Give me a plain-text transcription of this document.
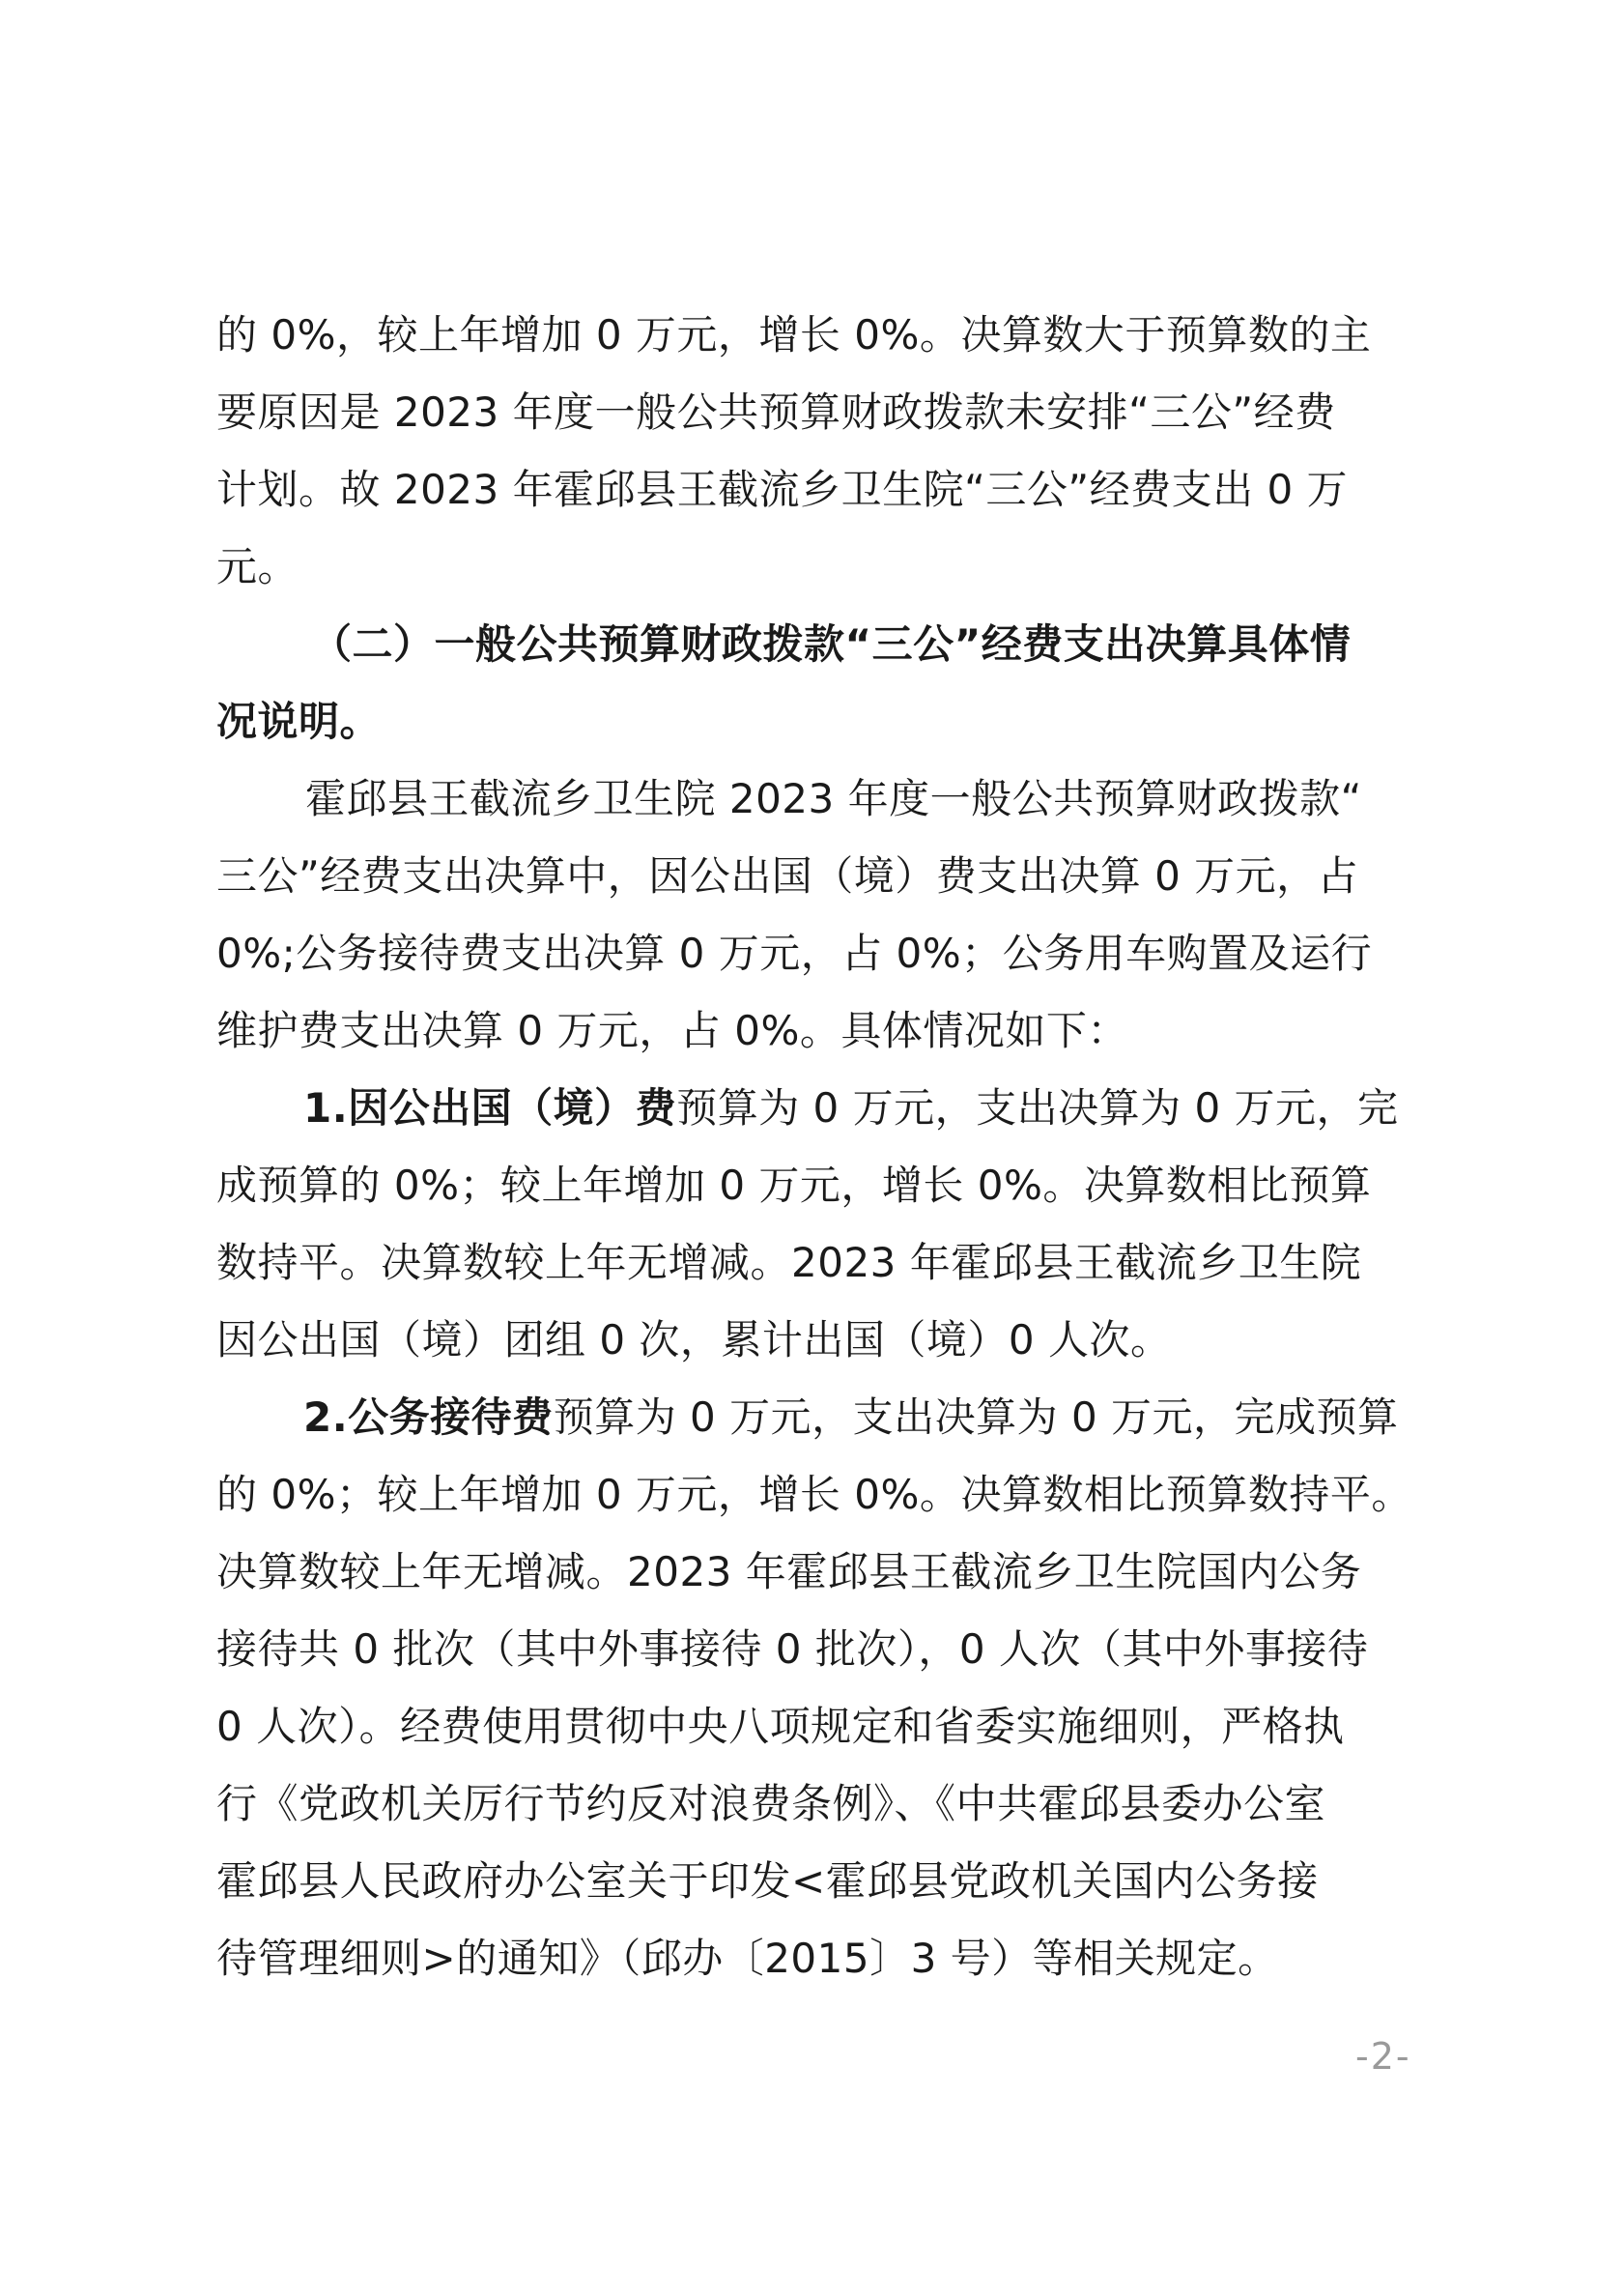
的 0%，较上年增加 0 万元，增长 0%。决算数大于预算数的主
要原因是 2023 年度一般公共预算财政拨款未安排“三公”经费
计划。故 2023 年霍邱县王截流乡卫生院“三公”经费支出 0 万
元。
（二）一般公共预算财政拨款“三公”经费支出决算具体情
况说明。
霍邱县王截流乡卫生院 2023 年度一般公共预算财政拨款“
三公”经费支出决算中，因公出国（境）费支出决算 0 万元，占
0%;公务接待费支出决算 0 万元，占 0%；公务用车购置及运行
维护费支出决算 0 万元，占 0%。具体情况如下：
1.因公出国（境）费预算为 0 万元，支出决算为 0 万元，完
成预算的 0%；较上年增加 0 万元，增长 0%。决算数相比预算
数持平。决算数较上年无增减。2023 年霍邱县王截流乡卫生院
因公出国（境）团组 0 次，累计出国（境）0 人次。
2.公务接待费预算为 0 万元，支出决算为 0 万元，完成预算
的 0%；较上年增加 0 万元，增长 0%。决算数相比预算数持平。
决算数较上年无增减。2023 年霍邱县王截流乡卫生院国内公务
接待共 0 批次（其中外事接待 0 批次），0 人次（其中外事接待
0 人次）。经费使用贯彻中央八项规定和省委实施细则，严格执
行《党政机关厉行节约反对浪费条例》、《中共霍邱县委办公室
霍邱县人民政府办公室关于印发<霍邱县党政机关国内公务接
待管理细则>的通知》（邱办〔2015〕3 号）等相关规定。
-2-
